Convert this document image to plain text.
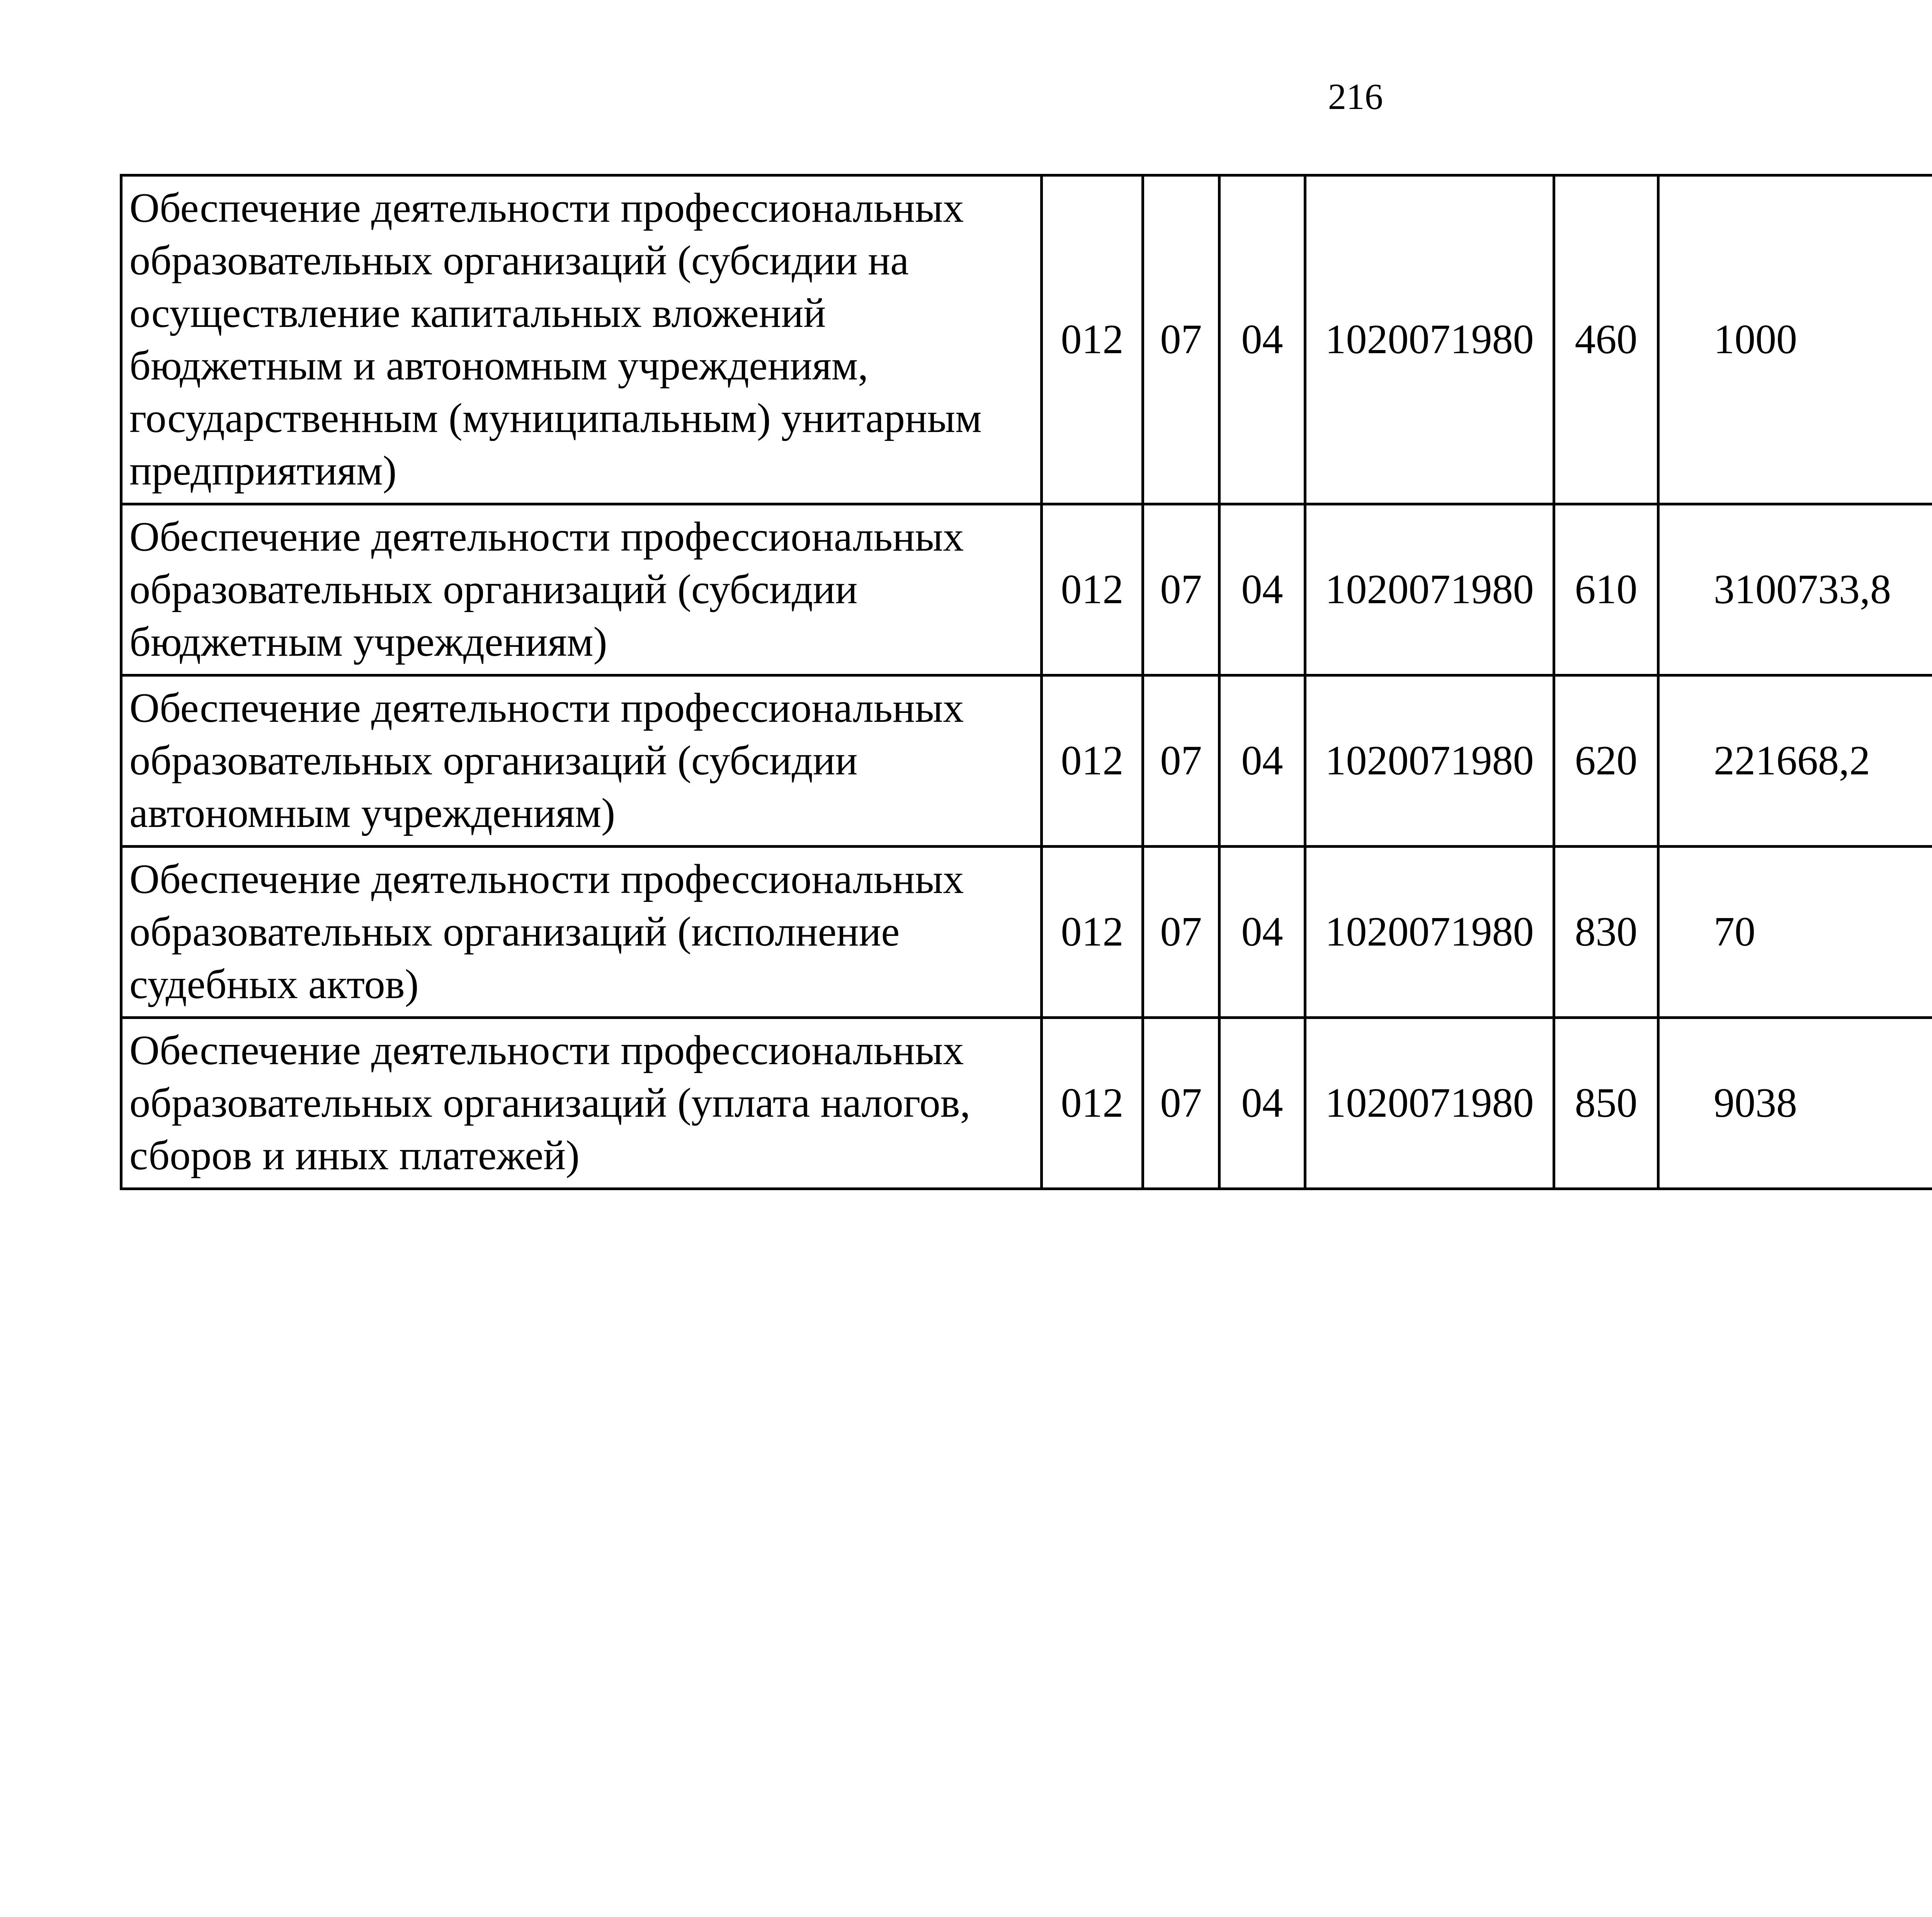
216
Обеспечение деятельности профессиональных образовательных организаций (субсидии на осуществление капитальных вложений бюджетным и автономным учреждениям, государственным (муниципальным) унитарным предприятиям)	012	07	04	1020071980	460	1000		
Обеспечение деятельности профессиональных образовательных организаций (субсидии бюджетным учреждениям)	012	07	04	1020071980	610	3100733,8		
Обеспечение деятельности профессиональных образовательных организаций (субсидии автономным учреждениям)	012	07	04	1020071980	620	221668,2		
Обеспечение деятельности профессиональных образовательных организаций (исполнение судебных актов)	012	07	04	1020071980	830	70		
Обеспечение деятельности профессиональных образовательных организаций (уплата налогов, сборов и иных платежей)	012	07	04	1020071980	850	9038		
